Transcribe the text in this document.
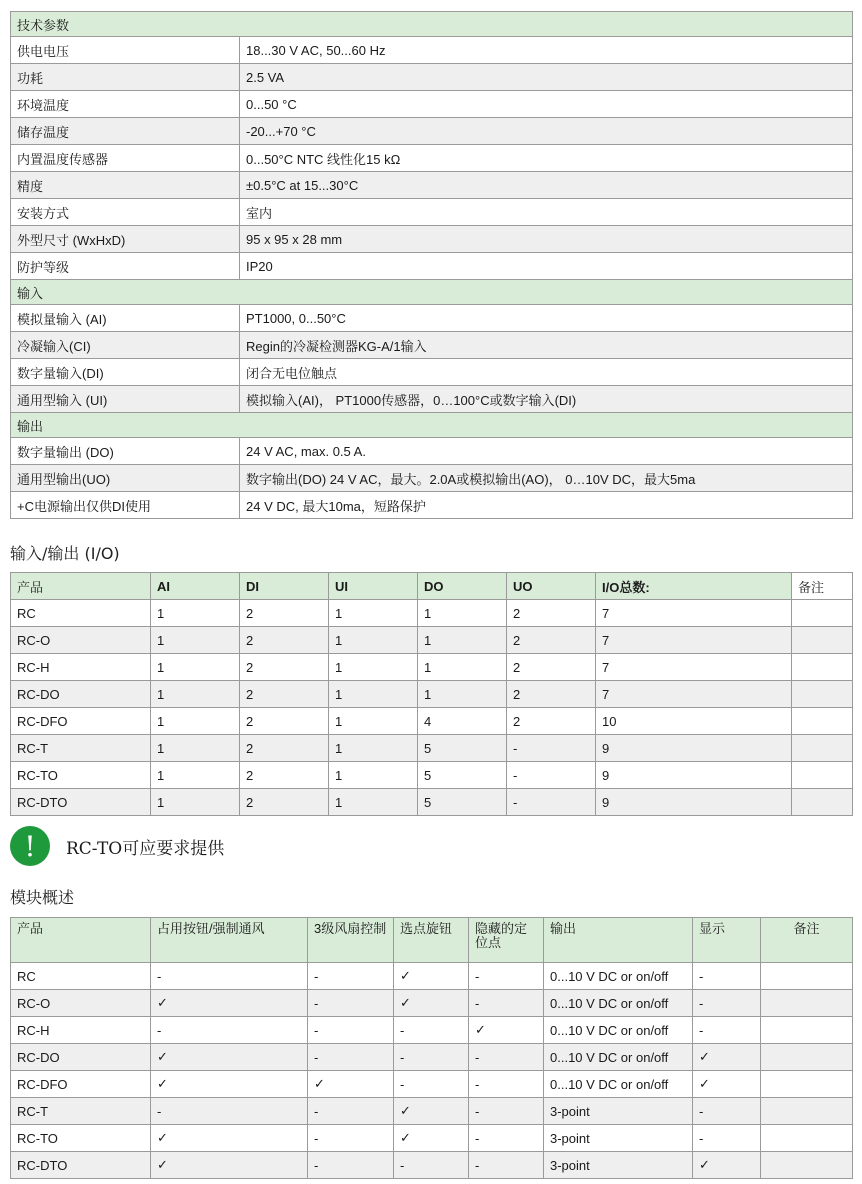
技术参数	
供电电压	18...30 V AC, 50...60 Hz
功耗	2.5 VA
环境温度	0...50 °C
储存温度	-20...+70 °C
内置温度传感器	0...50°C NTC 线性化15 kΩ
精度	±0.5°C at 15...30°C
安装方式	室内
外型尺寸 (WxHxD)	95 x 95 x 28 mm
防护等级	IP20
输入	
模拟量输入 (AI)	PT1000, 0...50°C
冷凝输入(CI)	Regin的冷凝检测器KG-A/1输入
数字量输入(DI)	闭合无电位触点
通用型输入 (UI)	模拟输入(AI)， PT1000传感器，0…100°C或数字输入(DI)
输出	
数字量输出 (DO)	24 V AC, max. 0.5 A.
通用型输出(UO)	数字输出(DO) 24 V AC，最大。2.0A或模拟输出(AO)， 0…10V DC，最大5ma
+C电源输出仅供DI使用	24 V DC, 最大10ma，短路保护
输入/输出 (I/O)
产品	AI	DI	UI	DO	UO	I/O总数:	备注
RC	1	2	1	1	2	7	
RC-O	1	2	1	1	2	7	
RC-H	1	2	1	1	2	7	
RC-DO	1	2	1	1	2	7	
RC-DFO	1	2	1	4	2	10	
RC-T	1	2	1	5	-	9	
RC-TO	1	2	1	5	-	9	
RC-DTO	1	2	1	5	-	9	
!	RC-TO可应要求提供
模块概述
产品	占用按钮/强制通风	3级风扇控制	选点旋钮	隐藏的定位点	输出	显示	备注
RC	-	-	✓	-	0...10 V DC or on/off	-	
RC-O	✓	-	✓	-	0...10 V DC or on/off	-	
RC-H	-	-	-	✓	0...10 V DC or on/off	-	
RC-DO	✓	-	-	-	0...10 V DC or on/off	✓	
RC-DFO	✓	✓	-	-	0...10 V DC or on/off	✓	
RC-T	-	-	✓	-	3-point	-	
RC-TO	✓	-	✓	-	3-point	-	
RC-DTO	✓	-	-	-	3-point	✓	
